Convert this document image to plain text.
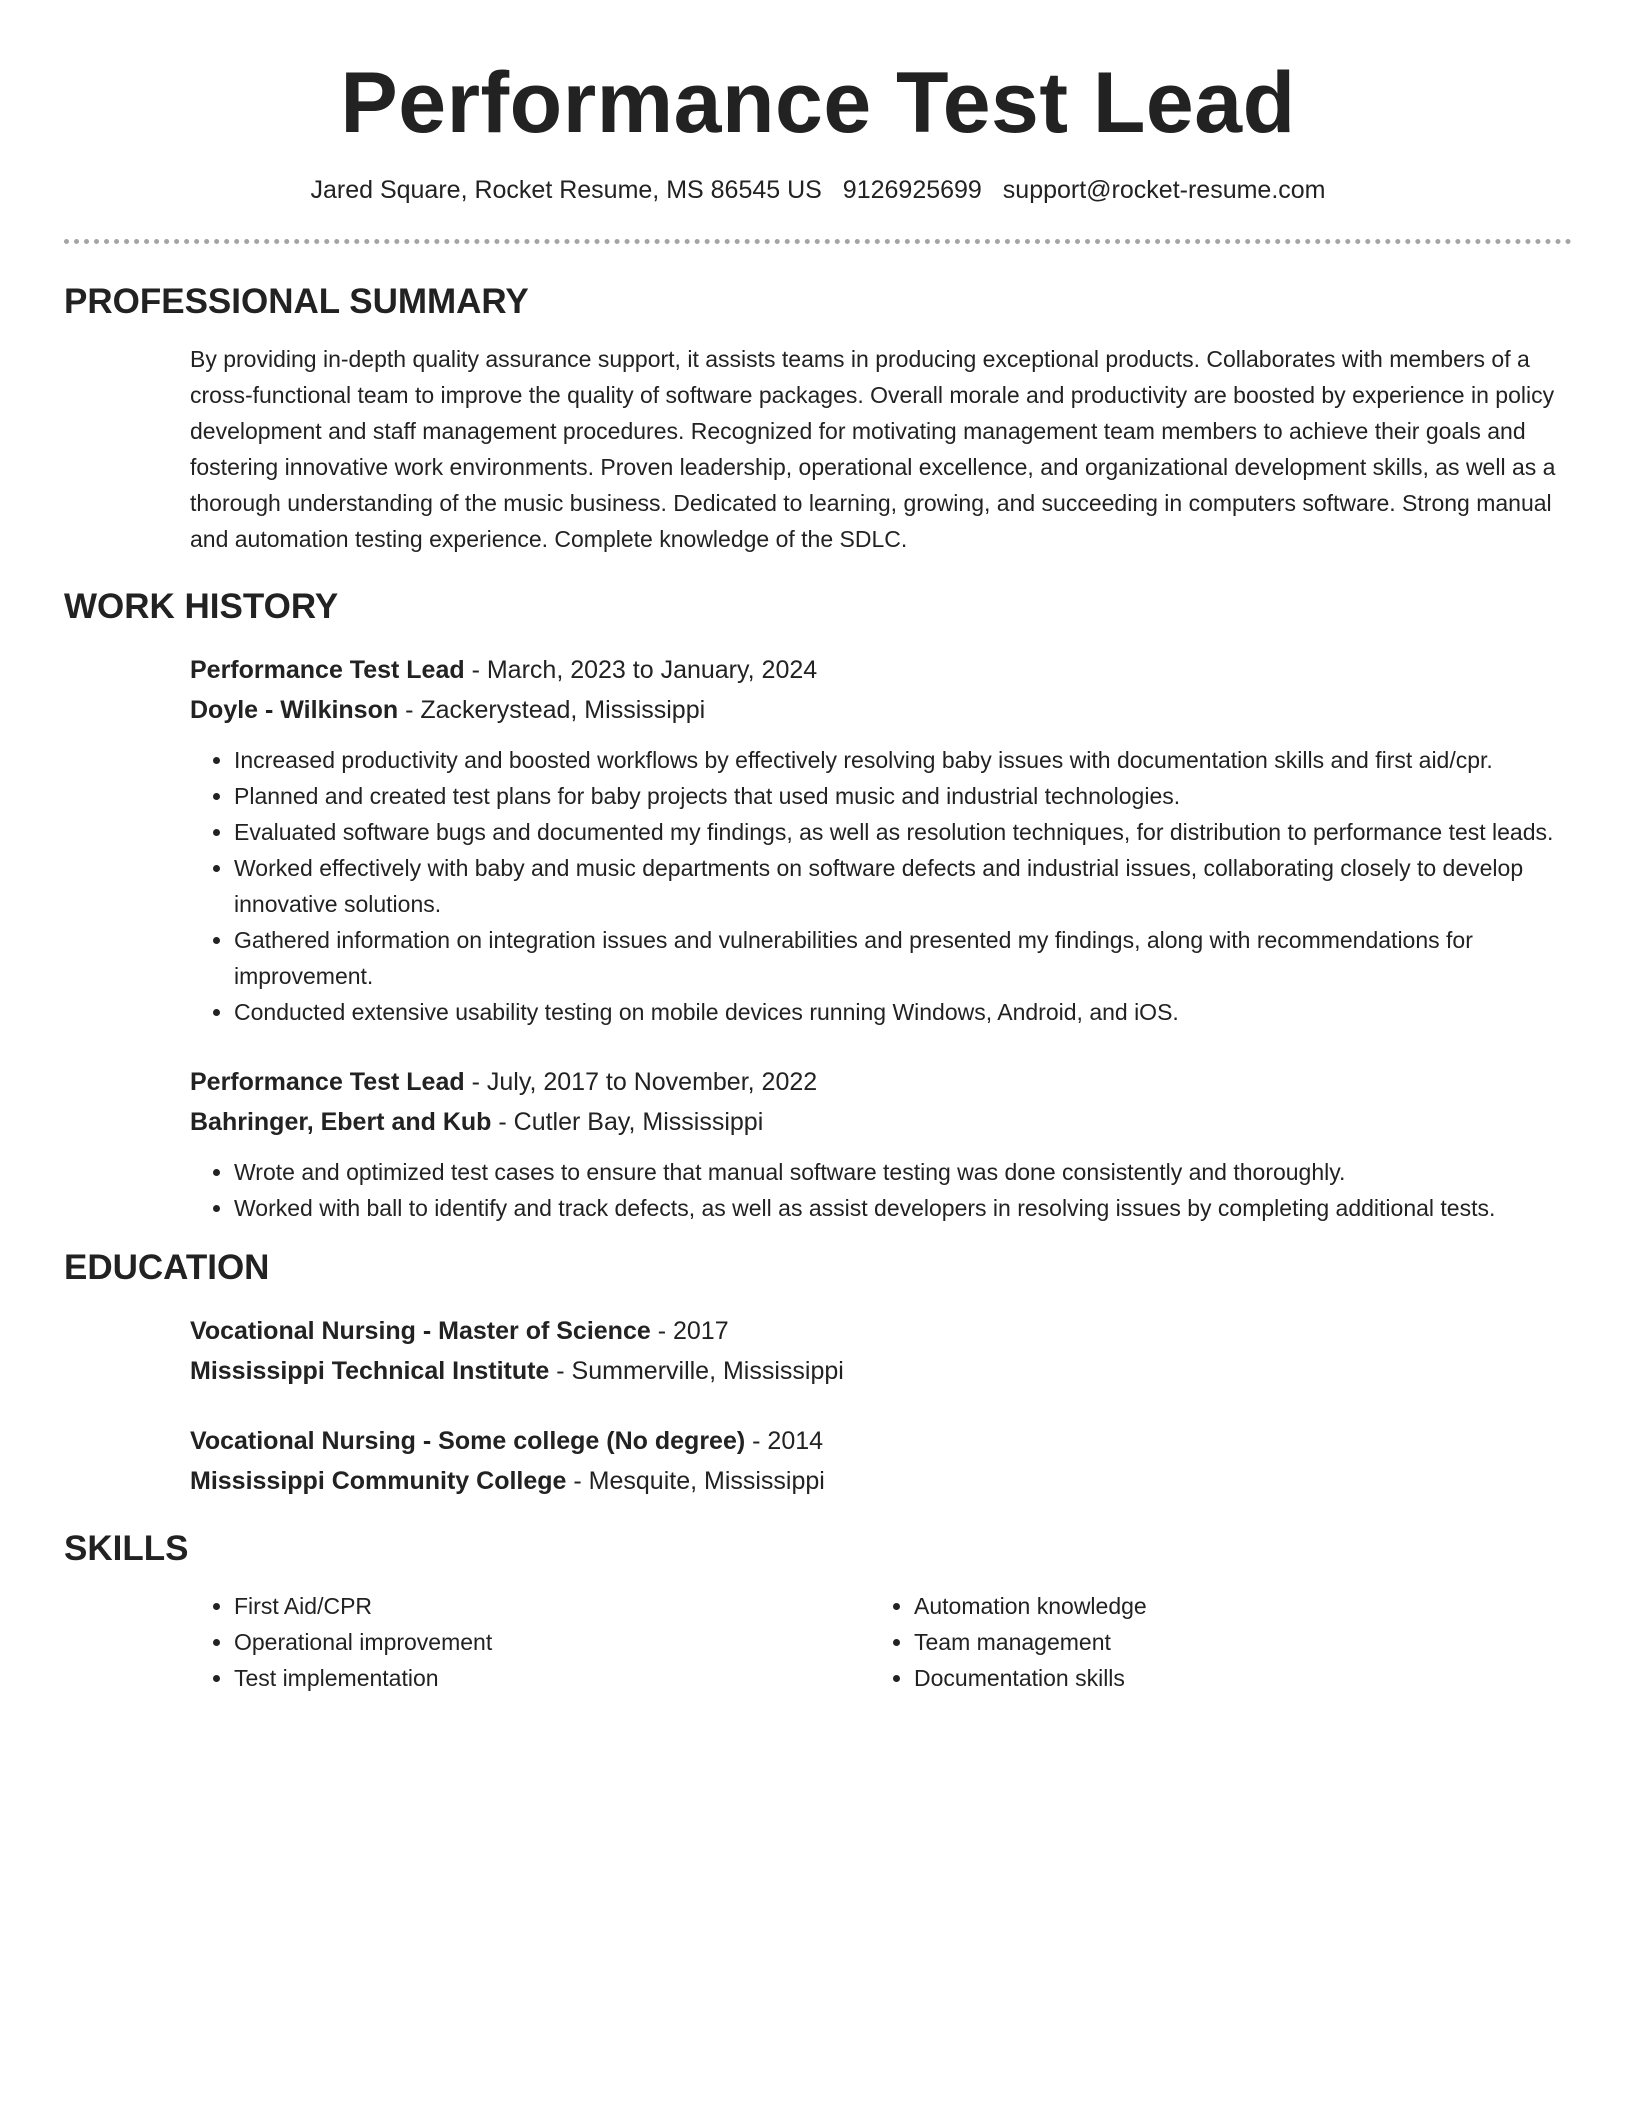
Performance Test Lead
Jared Square, Rocket Resume, MS 86545 US 9126925699 support@rocket-resume.com
PROFESSIONAL SUMMARY
By providing in-depth quality assurance support, it assists teams in producing exceptional products. Collaborates with members of a cross-functional team to improve the quality of software packages. Overall morale and productivity are boosted by experience in policy development and staff management procedures. Recognized for motivating management team members to achieve their goals and fostering innovative work environments. Proven leadership, operational excellence, and organizational development skills, as well as a thorough understanding of the music business. Dedicated to learning, growing, and succeeding in computers software. Strong manual and automation testing experience. Complete knowledge of the SDLC.
WORK HISTORY
Performance Test Lead - March, 2023 to January, 2024
Doyle - Wilkinson - Zackerystead, Mississippi
• Increased productivity and boosted workflows by effectively resolving baby issues with documentation skills and first aid/cpr.
• Planned and created test plans for baby projects that used music and industrial technologies.
• Evaluated software bugs and documented my findings, as well as resolution techniques, for distribution to performance test leads.
• Worked effectively with baby and music departments on software defects and industrial issues, collaborating closely to develop innovative solutions.
• Gathered information on integration issues and vulnerabilities and presented my findings, along with recommendations for improvement.
• Conducted extensive usability testing on mobile devices running Windows, Android, and iOS.
Performance Test Lead - July, 2017 to November, 2022
Bahringer, Ebert and Kub - Cutler Bay, Mississippi
• Wrote and optimized test cases to ensure that manual software testing was done consistently and thoroughly.
• Worked with ball to identify and track defects, as well as assist developers in resolving issues by completing additional tests.
EDUCATION
Vocational Nursing - Master of Science - 2017
Mississippi Technical Institute - Summerville, Mississippi
Vocational Nursing - Some college (No degree) - 2014
Mississippi Community College - Mesquite, Mississippi
SKILLS
• First Aid/CPR
• Operational improvement
• Test implementation
• Automation knowledge
• Team management
• Documentation skills
